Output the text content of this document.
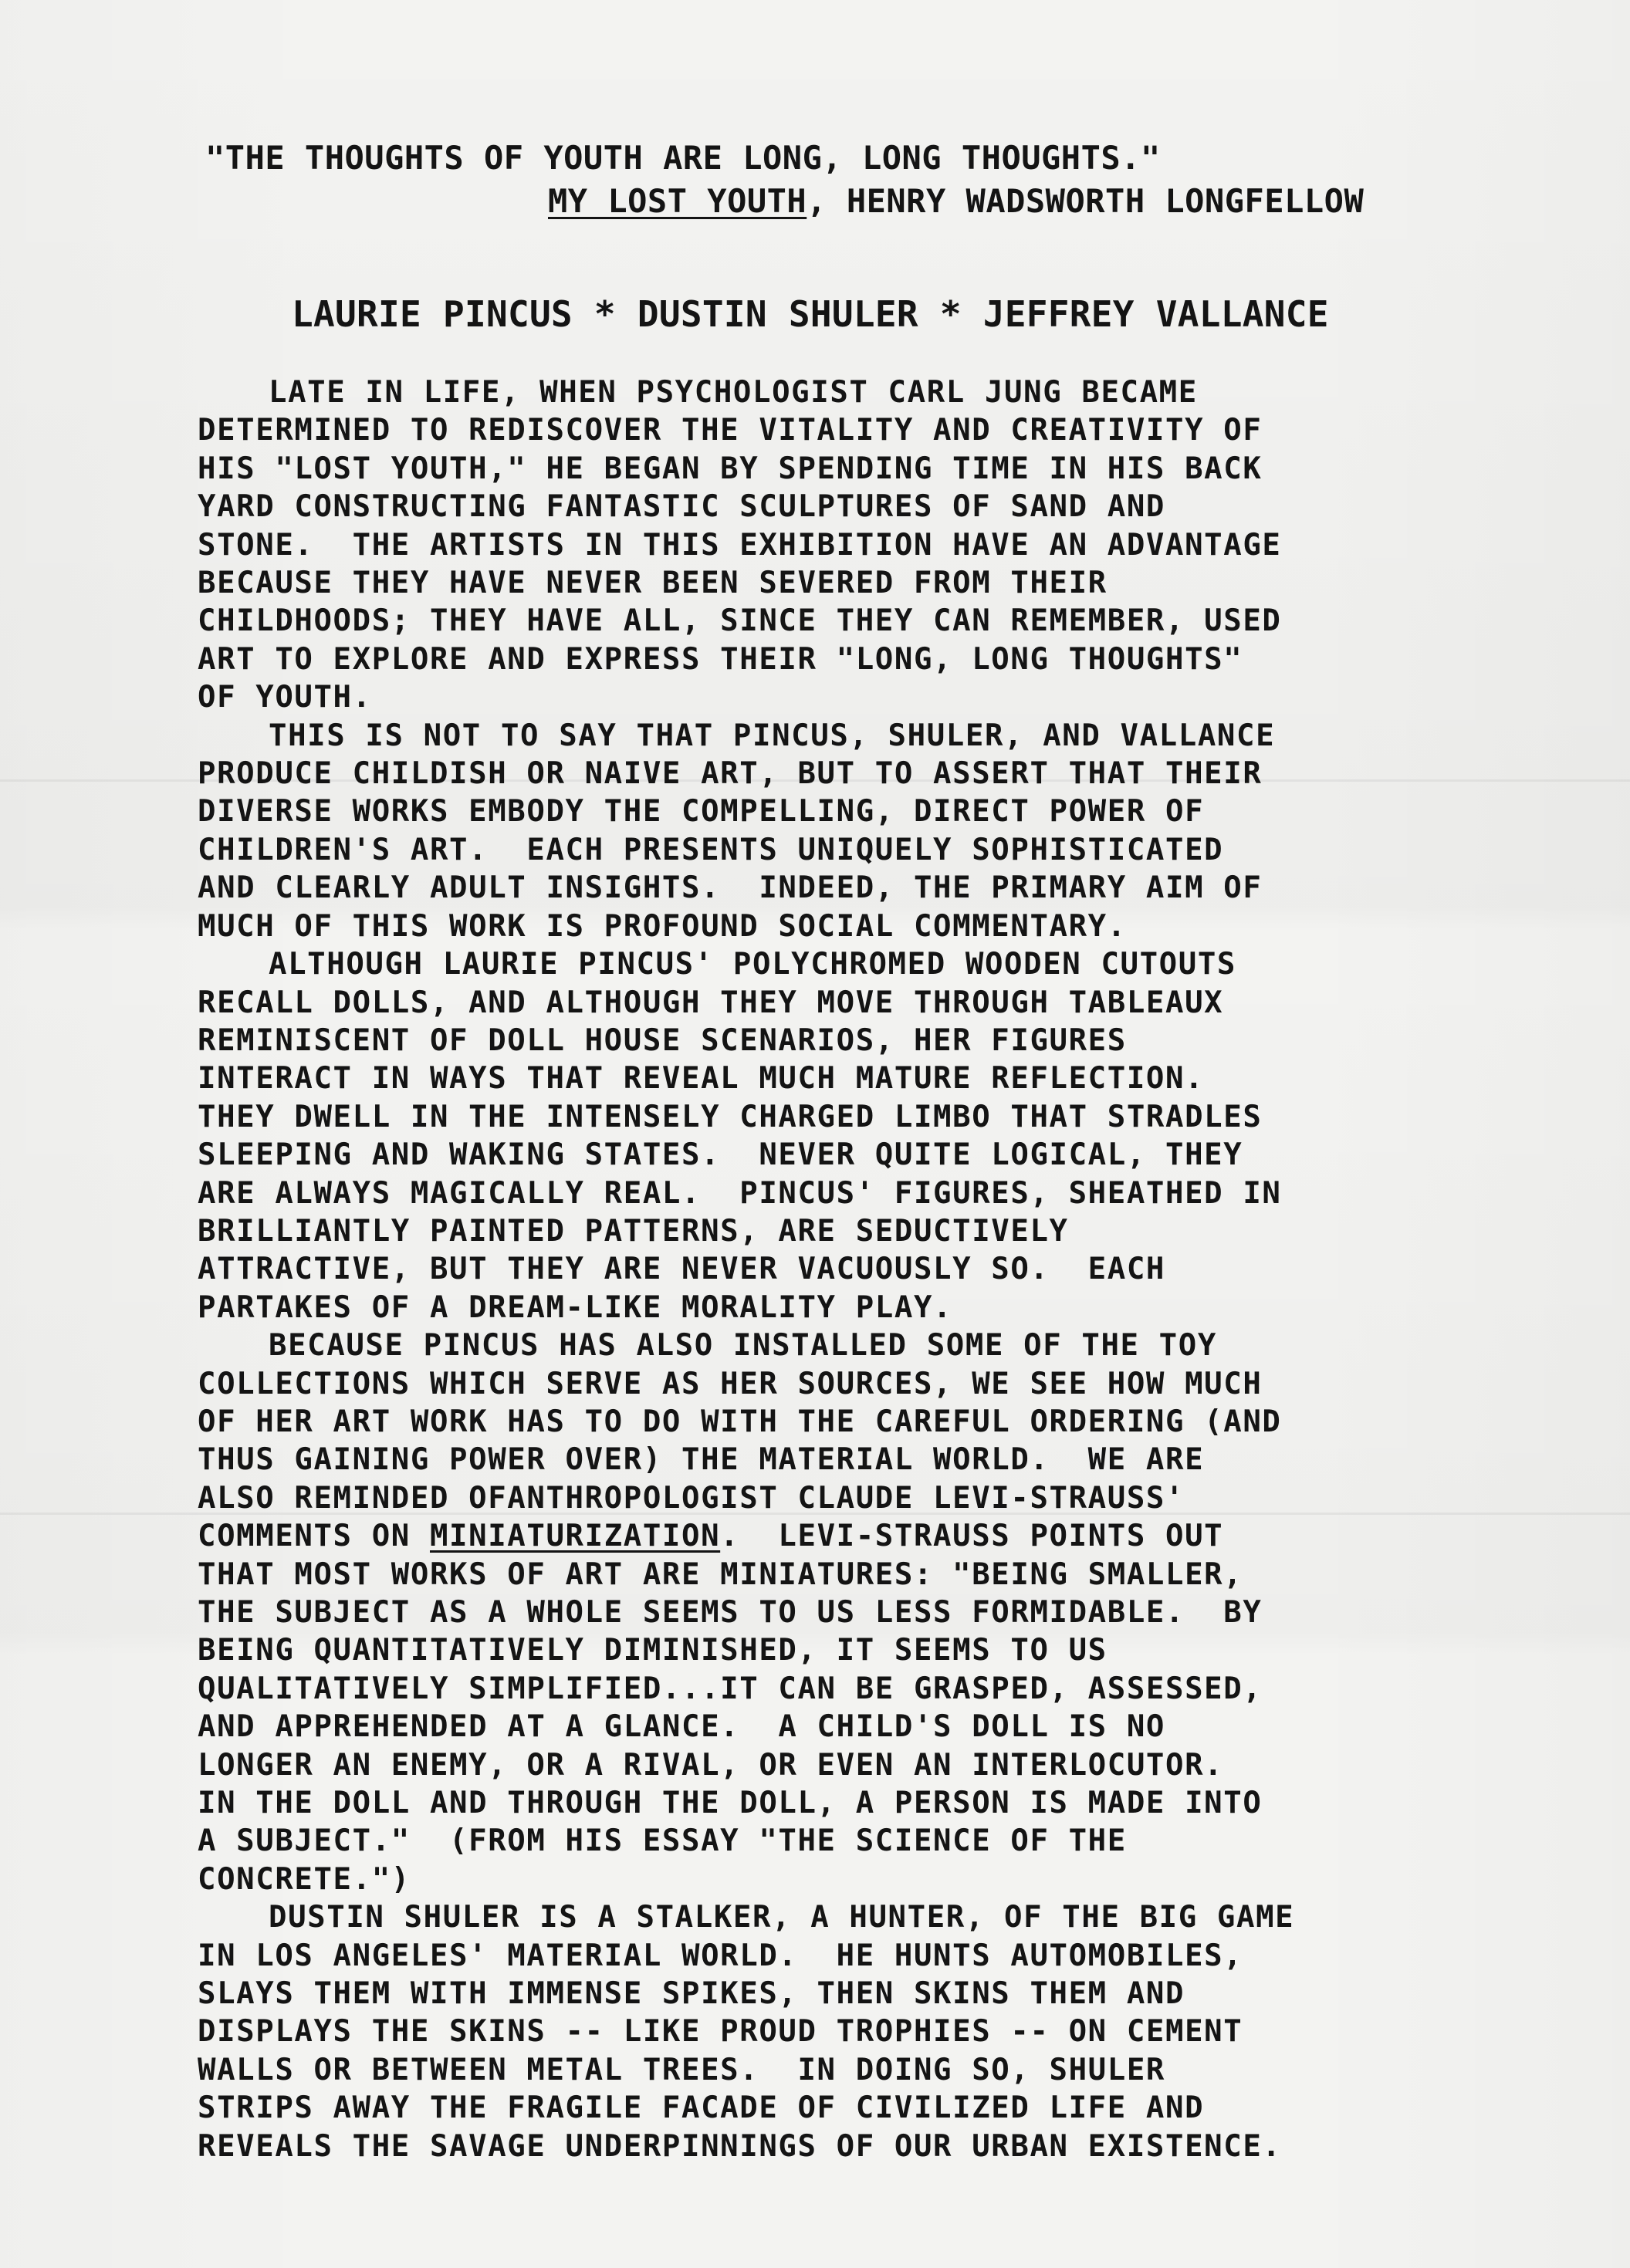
"THE THOUGHTS OF YOUTH ARE LONG, LONG THOUGHTS."
MY LOST YOUTH, HENRY WADSWORTH LONGFELLOW
LAURIE PINCUS * DUSTIN SHULER * JEFFREY VALLANCE
LATE IN LIFE, WHEN PSYCHOLOGIST CARL JUNG BECAME
DETERMINED TO REDISCOVER THE VITALITY AND CREATIVITY OF
HIS "LOST YOUTH," HE BEGAN BY SPENDING TIME IN HIS BACK
YARD CONSTRUCTING FANTASTIC SCULPTURES OF SAND AND
STONE.  THE ARTISTS IN THIS EXHIBITION HAVE AN ADVANTAGE
BECAUSE THEY HAVE NEVER BEEN SEVERED FROM THEIR
CHILDHOODS; THEY HAVE ALL, SINCE THEY CAN REMEMBER, USED
ART TO EXPLORE AND EXPRESS THEIR "LONG, LONG THOUGHTS"
OF YOUTH.
THIS IS NOT TO SAY THAT PINCUS, SHULER, AND VALLANCE
PRODUCE CHILDISH OR NAIVE ART, BUT TO ASSERT THAT THEIR
DIVERSE WORKS EMBODY THE COMPELLING, DIRECT POWER OF
CHILDREN'S ART.  EACH PRESENTS UNIQUELY SOPHISTICATED
AND CLEARLY ADULT INSIGHTS.  INDEED, THE PRIMARY AIM OF
MUCH OF THIS WORK IS PROFOUND SOCIAL COMMENTARY.
ALTHOUGH LAURIE PINCUS' POLYCHROMED WOODEN CUTOUTS
RECALL DOLLS, AND ALTHOUGH THEY MOVE THROUGH TABLEAUX
REMINISCENT OF DOLL HOUSE SCENARIOS, HER FIGURES
INTERACT IN WAYS THAT REVEAL MUCH MATURE REFLECTION.
THEY DWELL IN THE INTENSELY CHARGED LIMBO THAT STRADLES
SLEEPING AND WAKING STATES.  NEVER QUITE LOGICAL, THEY
ARE ALWAYS MAGICALLY REAL.  PINCUS' FIGURES, SHEATHED IN
BRILLIANTLY PAINTED PATTERNS, ARE SEDUCTIVELY
ATTRACTIVE, BUT THEY ARE NEVER VACUOUSLY SO.  EACH
PARTAKES OF A DREAM-LIKE MORALITY PLAY.
BECAUSE PINCUS HAS ALSO INSTALLED SOME OF THE TOY
COLLECTIONS WHICH SERVE AS HER SOURCES, WE SEE HOW MUCH
OF HER ART WORK HAS TO DO WITH THE CAREFUL ORDERING (AND
THUS GAINING POWER OVER) THE MATERIAL WORLD.  WE ARE
ALSO REMINDED OFANTHROPOLOGIST CLAUDE LEVI-STRAUSS'
COMMENTS ON MINIATURIZATION.  LEVI-STRAUSS POINTS OUT
THAT MOST WORKS OF ART ARE MINIATURES: "BEING SMALLER,
THE SUBJECT AS A WHOLE SEEMS TO US LESS FORMIDABLE.  BY
BEING QUANTITATIVELY DIMINISHED, IT SEEMS TO US
QUALITATIVELY SIMPLIFIED...IT CAN BE GRASPED, ASSESSED,
AND APPREHENDED AT A GLANCE.  A CHILD'S DOLL IS NO
LONGER AN ENEMY, OR A RIVAL, OR EVEN AN INTERLOCUTOR.
IN THE DOLL AND THROUGH THE DOLL, A PERSON IS MADE INTO
A SUBJECT."  (FROM HIS ESSAY "THE SCIENCE OF THE
CONCRETE.")
DUSTIN SHULER IS A STALKER, A HUNTER, OF THE BIG GAME
IN LOS ANGELES' MATERIAL WORLD.  HE HUNTS AUTOMOBILES,
SLAYS THEM WITH IMMENSE SPIKES, THEN SKINS THEM AND
DISPLAYS THE SKINS -- LIKE PROUD TROPHIES -- ON CEMENT
WALLS OR BETWEEN METAL TREES.  IN DOING SO, SHULER
STRIPS AWAY THE FRAGILE FACADE OF CIVILIZED LIFE AND
REVEALS THE SAVAGE UNDERPINNINGS OF OUR URBAN EXISTENCE.
